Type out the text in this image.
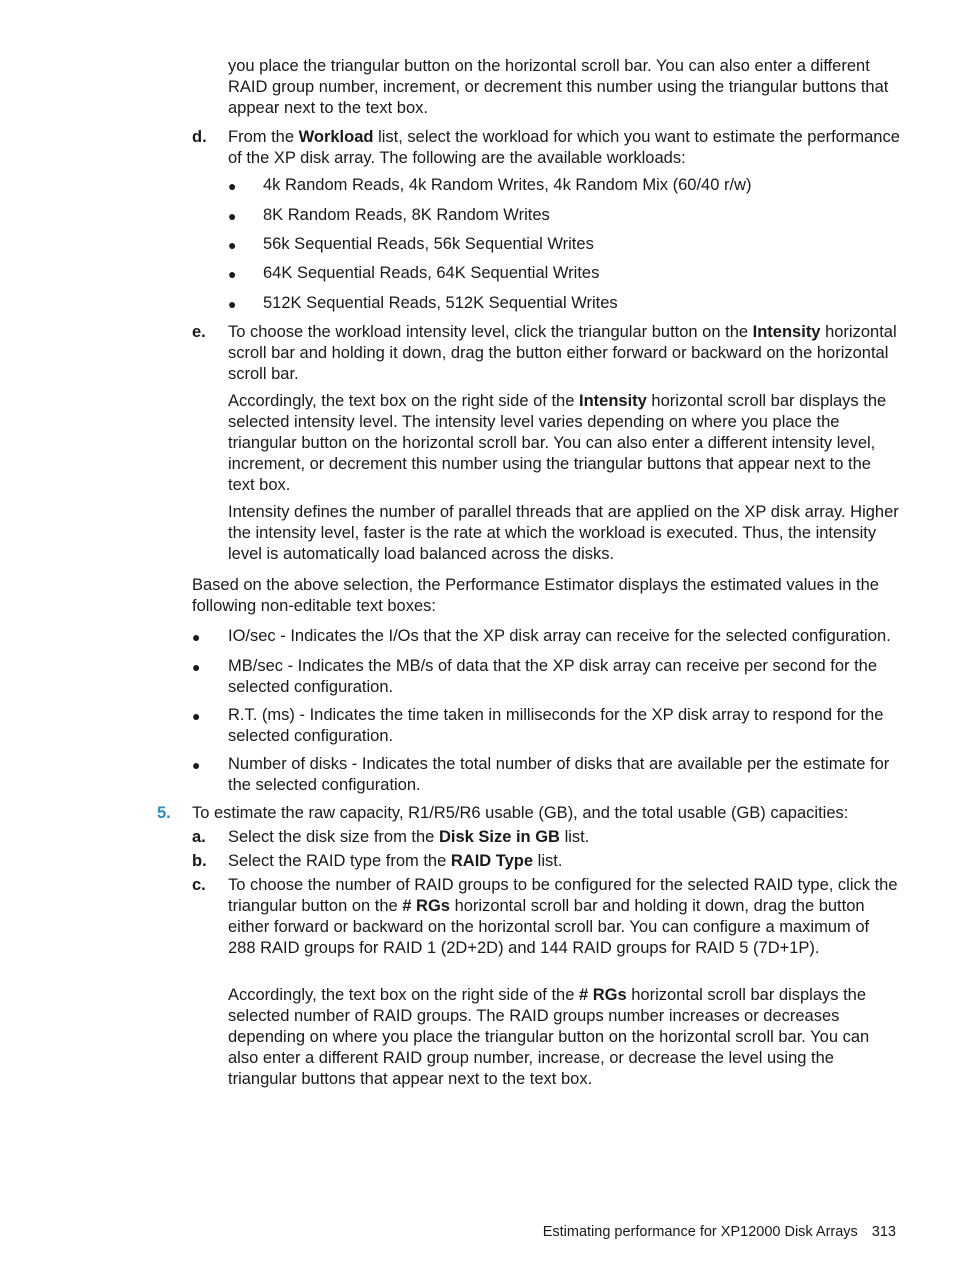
you place the triangular button on the horizontal scroll bar. You can also enter a different RAID group number, increment, or decrement this number using the triangular buttons that appear next to the text box.

d. From the Workload list, select the workload for which you want to estimate the performance of the XP disk array. The following are the available workloads:

● 4k Random Reads, 4k Random Writes, 4k Random Mix (60/40 r/w)

● 8K Random Reads, 8K Random Writes

● 56k Sequential Reads, 56k Sequential Writes

● 64K Sequential Reads, 64K Sequential Writes

● 512K Sequential Reads, 512K Sequential Writes

e. To choose the workload intensity level, click the triangular button on the Intensity horizontal scroll bar and holding it down, drag the button either forward or backward on the horizontal scroll bar.

Accordingly, the text box on the right side of the Intensity horizontal scroll bar displays the selected intensity level. The intensity level varies depending on where you place the triangular button on the horizontal scroll bar. You can also enter a different intensity level, increment, or decrement this number using the triangular buttons that appear next to the text box.

Intensity defines the number of parallel threads that are applied on the XP disk array. Higher the intensity level, faster is the rate at which the workload is executed. Thus, the intensity level is automatically load balanced across the disks.

Based on the above selection, the Performance Estimator displays the estimated values in the following non-editable text boxes:

● IO/sec - Indicates the I/Os that the XP disk array can receive for the selected configuration.

● MB/sec - Indicates the MB/s of data that the XP disk array can receive per second for the selected configuration.

● R.T. (ms) - Indicates the time taken in milliseconds for the XP disk array to respond for the selected configuration.

● Number of disks - Indicates the total number of disks that are available per the estimate for the selected configuration.

5. To estimate the raw capacity, R1/R5/R6 usable (GB), and the total usable (GB) capacities:

a. Select the disk size from the Disk Size in GB list.

b. Select the RAID type from the RAID Type list.

c. To choose the number of RAID groups to be configured for the selected RAID type, click the triangular button on the # RGs horizontal scroll bar and holding it down, drag the button either forward or backward on the horizontal scroll bar. You can configure a maximum of 288 RAID groups for RAID 1 (2D+2D) and 144 RAID groups for RAID 5 (7D+1P).

Accordingly, the text box on the right side of the # RGs horizontal scroll bar displays the selected number of RAID groups. The RAID groups number increases or decreases depending on where you place the triangular button on the horizontal scroll bar. You can also enter a different RAID group number, increase, or decrease the level using the triangular buttons that appear next to the text box.

Estimating performance for XP12000 Disk Arrays 313
